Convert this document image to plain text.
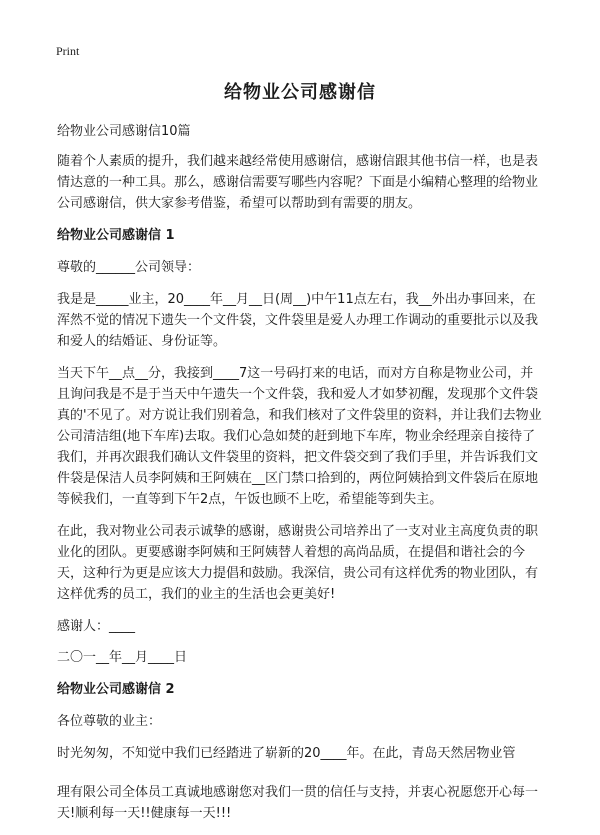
Print
给物业公司感谢信

给物业公司感谢信10篇

随着个人素质的提升，我们越来越经常使用感谢信，感谢信跟其他书信一样，也是表情达意的一种工具。那么，感谢信需要写哪些内容呢？下面是小编精心整理的给物业公司感谢信，供大家参考借鉴，希望可以帮助到有需要的朋友。

给物业公司感谢信 1

尊敬的______公司领导：

我是是_____业主，20____年__月__日(周__)中午11点左右，我__外出办事回来，在浑然不觉的情况下遗失一个文件袋，文件袋里是爱人办理工作调动的重要批示以及我和爱人的结婚证、身份证等。

当天下午__点__分，我接到____7这一号码打来的电话，而对方自称是物业公司，并且询问我是不是于当天中午遗失一个文件袋，我和爱人才如梦初醒，发现那个文件袋真的'不见了。对方说让我们别着急，和我们核对了文件袋里的资料，并让我们去物业公司清洁组(地下车库)去取。我们心急如焚的赶到地下车库，物业余经理亲自接待了我们，并再次跟我们确认文件袋里的资料，把文件袋交到了我们手里，并告诉我们文件袋是保洁人员李阿姨和王阿姨在__区门禁口拾到的，两位阿姨拾到文件袋后在原地等候我们，一直等到下午2点，午饭也顾不上吃，希望能等到失主。

在此，我对物业公司表示诚挚的感谢，感谢贵公司培养出了一支对业主高度负责的职业化的团队。更要感谢李阿姨和王阿姨替人着想的高尚品质，在提倡和谐社会的今天，这种行为更是应该大力提倡和鼓励。我深信，贵公司有这样优秀的物业团队，有这样优秀的员工，我们的业主的生活也会更美好!

感谢人：____

二〇一__年__月____日

给物业公司感谢信 2

各位尊敬的业主：

时光匆匆，不知觉中我们已经踏进了崭新的20____年。在此，青岛天然居物业管

理有限公司全体员工真诚地感谢您对我们一贯的信任与支持，并衷心祝愿您开心每一天!顺利每一天!!健康每一天!!!
